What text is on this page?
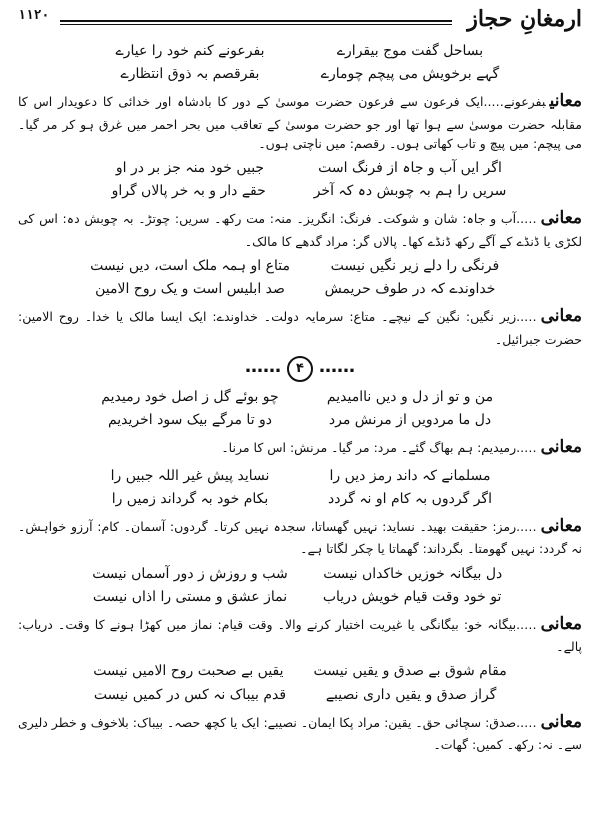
ارمغانِ حجاز
۱۱۲۰
بساحل گفت موج بیقرارے
بفرعونے کنم خود را عیارے
گہے برخویش می پیچم چومارے
بقرقصم بہ ذوق انتظارے
معانیبفرعونے…..ایک فرعون سے فرعون حضرت موسیٰ کے دور کا بادشاہ اور خدائی کا دعویدار اس کا مقابلہ حضرت موسیٰ سے ہوا تھا اور جو حضرت موسیٰ کے تعاقب میں بحر احمر میں غرق ہو کر مر گیا۔ می پیچم: میں پیچ و تاب کھاتی ہوں۔ رقصم: میں ناچتی ہوں۔
اگر ایں آب و جاہ از فرنگ است
جبیں خود منہ جز بر در او
سریں را ہم بہ چوبش دہ کہ آخر
حقے دار و بہ خر پالاں گراو
معانی…..آب و جاہ: شان و شوکت۔ فرنگ: انگریز۔ منہ: مت رکھ۔ سریں: چوتڑ۔ بہ چوبش دہ: اس کی لکڑی یا ڈنڈے کے آگے رکھ ڈنڈے کھا۔ پالاں گر: مراد گدھے کا مالک۔
فرنگی را دلے زیر نگیں نیست
متاع او ہمہ ملک است، دیں نیست
خداوندے کہ در طوف حریمش
صد ابلیس است و یک روح الامین
معانی…..زیر نگیں: نگین کے نیچے۔ متاع: سرمایہ دولت۔ خداوندے: ایک ایسا مالک یا خدا۔ روح الامین: حضرت جبرائیل۔
……۴……
من و تو از دل و دیں ناامیدیم
چو بوئے گل ز اصل خود رمیدیم
دل ما مردویں از مرنش مرد
دو تا مرگے بیک سود اخریدیم
معانی…..رمیدیم: ہم بھاگ گئے۔ مرد: مر گیا۔ مرنش: اس کا مرنا۔
مسلمانے کہ داند رمز دیں را
نساید پیش غیر اللہ جبیں را
اگر گردوں بہ کام او نہ گردد
بکام خود بہ گرداند زمیں را
معانی…..رمز: حقیقت بھید۔ نساید: نہیں گھساتا، سجدہ نہیں کرتا۔ گردوں: آسمان۔ کام: آرزو خواہش۔ نہ گردد: نہیں گھومتا۔ بگرداند: گھماتا یا چکر لگاتا ہے۔
دل بیگانہ خوزیں خاکداں نیست
شب و روزش ز دور آسماں نیست
تو خود وقت قیام خویش دریاب
نماز عشق و مستی را اذاں نیست
معانی…..بیگانہ خو: بیگانگی یا غیریت اختیار کرنے والا۔ وقت قیام: نماز میں کھڑا ہونے کا وقت۔ دریاب: پالے۔
مقام شوق بے صدق و یقیں نیست
یقیں بے صحبت روح الامیں نیست
گراز صدق و یقیں داری نصیبے
قدم بیباک نہ کس در کمیں نیست
معانی…..صدق: سچائی حق۔ یقین: مراد پکا ایمان۔ نصیبے: ایک یا کچھ حصہ۔ بیباک: بلاخوف و خطر دلیری سے۔ نہ: رکھ۔ کمیں: گھات۔
